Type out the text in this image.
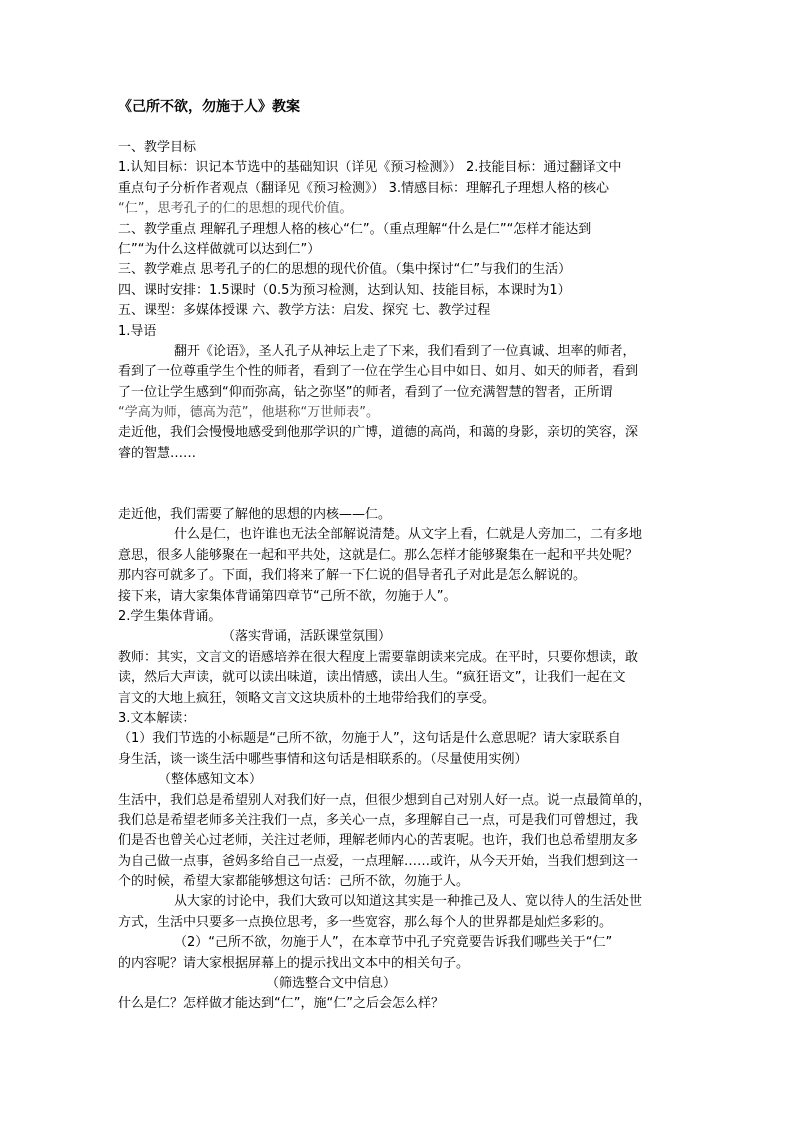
《己所不欲，勿施于人》教案

一、教学目标

1.认知目标：识记本节选中的基础知识（详见《预习检测》） 2.技能目标：通过翻译文中

重点句子分析作者观点（翻译见《预习检测》） 3.情感目标：理解孔子理想人格的核心

“仁”，思考孔子的仁的思想的现代价值。

二、教学重点 理解孔子理想人格的核心“仁”。（重点理解“什么是仁”“怎样才能达到

仁”“为什么这样做就可以达到仁”）

三、教学难点 思考孔子的仁的思想的现代价值。（集中探讨“仁”与我们的生活）

四、课时安排：1.5课时（0.5为预习检测，达到认知、技能目标，本课时为1）

五、课型：多媒体授课 六、教学方法：启发、探究 七、教学过程

1.导语

翻开《论语》，圣人孔子从神坛上走了下来，我们看到了一位真诚、坦率的师者，

看到了一位尊重学生个性的师者，看到了一位在学生心目中如日、如月、如天的师者，看到

了一位让学生感到“仰而弥高，钻之弥坚”的师者，看到了一位充满智慧的智者，正所谓

“学高为师，德高为范”，他堪称“万世师表”。

走近他，我们会慢慢地感受到他那学识的广博，道德的高尚，和蔼的身影，亲切的笑容，深

睿的智慧……

走近他，我们需要了解他的思想的内核——仁。

什么是仁，也许谁也无法全部解说清楚。从文字上看，仁就是人旁加二，二有多地

意思，很多人能够聚在一起和平共处，这就是仁。那么怎样才能够聚集在一起和平共处呢？

那内容可就多了。下面，我们将来了解一下仁说的倡导者孔子对此是怎么解说的。

接下来，请大家集体背诵第四章节“己所不欲，勿施于人”。

2.学生集体背诵。

（落实背诵，活跃课堂氛围）

教师：其实，文言文的语感培养在很大程度上需要靠朗读来完成。在平时，只要你想读，敢

读，然后大声读，就可以读出味道，读出情感，读出人生。“疯狂语文”，让我们一起在文

言文的大地上疯狂，领略文言文这块质朴的土地带给我们的享受。

3.文本解读：

（1）我们节选的小标题是“己所不欲，勿施于人”，这句话是什么意思呢？请大家联系自

身生活，谈一谈生活中哪些事情和这句话是相联系的。（尽量使用实例）

（整体感知文本）

生活中，我们总是希望别人对我们好一点，但很少想到自己对别人好一点。说一点最简单的，

我们总是希望老师多关注我们一点，多关心一点，多理解自己一点，可是我们可曾想过，我

们是否也曾关心过老师，关注过老师，理解老师内心的苦衷呢。也许，我们也总希望朋友多

为自己做一点事，爸妈多给自己一点爱，一点理解……或许，从今天开始，当我们想到这一

个的时候，希望大家都能够想这句话：己所不欲，勿施于人。

从大家的讨论中，我们大致可以知道这其实是一种推己及人、宽以待人的生活处世

方式，生活中只要多一点换位思考，多一些宽容，那么每个人的世界都是灿烂多彩的。

（2）“己所不欲，勿施于人”，在本章节中孔子究竟要告诉我们哪些关于“仁”

的内容呢？请大家根据屏幕上的提示找出文本中的相关句子。

（筛选整合文中信息）

什么是仁？怎样做才能达到“仁”，施“仁”之后会怎么样？
